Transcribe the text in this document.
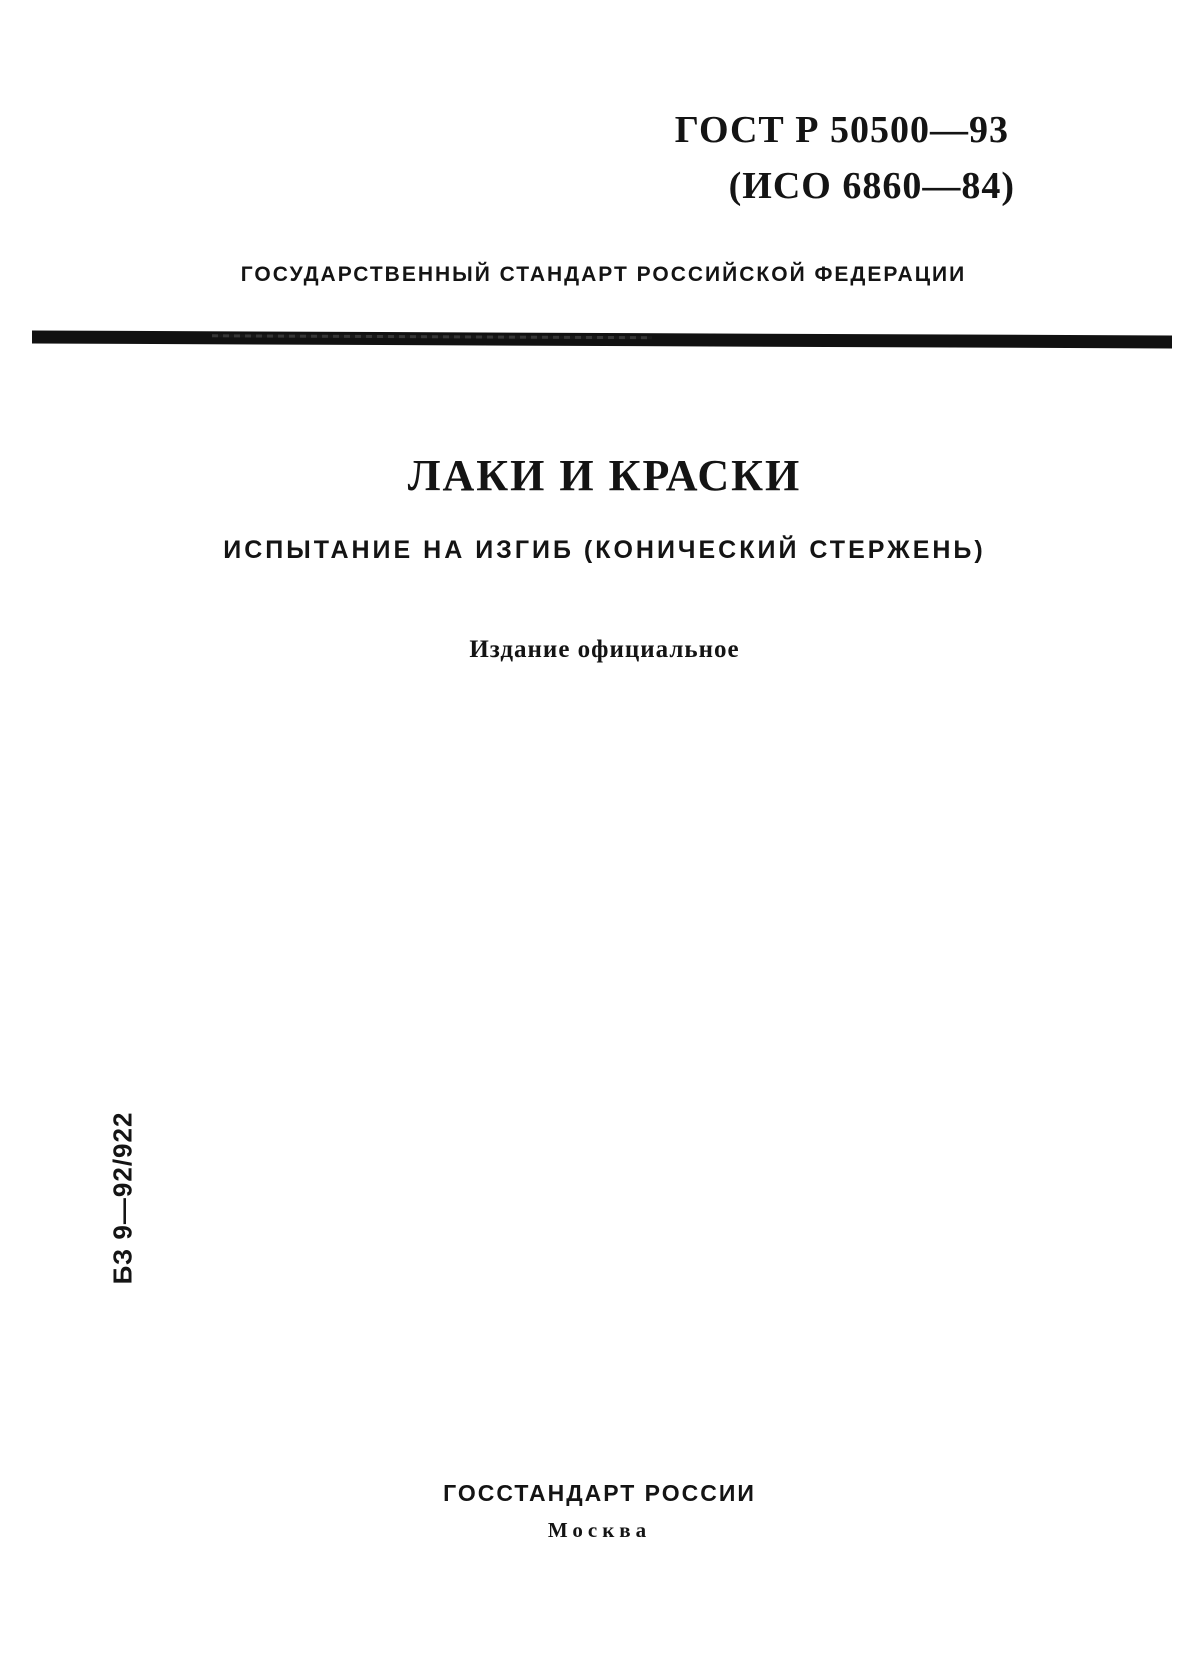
ГОСТ Р 50500—93
(ИСО 6860—84)
ГОСУДАРСТВЕННЫЙ СТАНДАРТ РОССИЙСКОЙ ФЕДЕРАЦИИ
ЛАКИ И КРАСКИ
ИСПЫТАНИЕ НА ИЗГИБ (КОНИЧЕСКИЙ СТЕРЖЕНЬ)
Издание официальное
БЗ 9—92/922
ГОССТАНДАРТ РОССИИ
Москва
